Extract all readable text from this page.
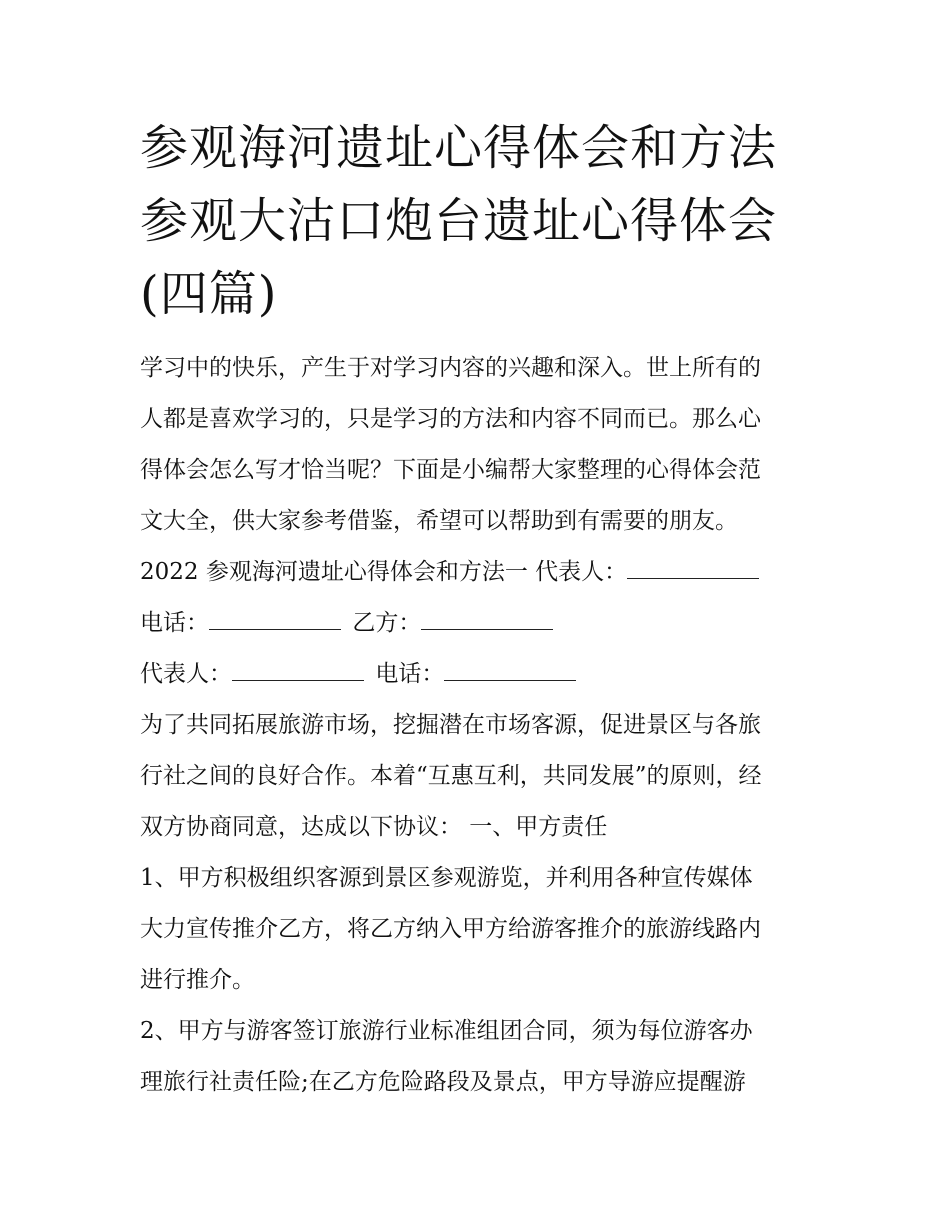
参观海河遗址心得体会和方法
参观大沽口炮台遗址心得体会
(四篇)

学习中的快乐，产生于对学习内容的兴趣和深入。世上所有的

人都是喜欢学习的，只是学习的方法和内容不同而已。那么心

得体会怎么写才恰当呢？下面是小编帮大家整理的心得体会范

文大全，供大家参考借鉴，希望可以帮助到有需要的朋友。

2022 参观海河遗址心得体会和方法一 代表人：

电话：	乙方：

代表人：	电话：

为了共同拓展旅游市场，挖掘潜在市场客源，促进景区与各旅

行社之间的良好合作。本着“互惠互利，共同发展”的原则，经

双方协商同意，达成以下协议： 一、甲方责任

1、甲方积极组织客源到景区参观游览，并利用各种宣传媒体

大力宣传推介乙方，将乙方纳入甲方给游客推介的旅游线路内

进行推介。

2、甲方与游客签订旅游行业标准组团合同，须为每位游客办

理旅行社责任险;在乙方危险路段及景点，甲方导游应提醒游
